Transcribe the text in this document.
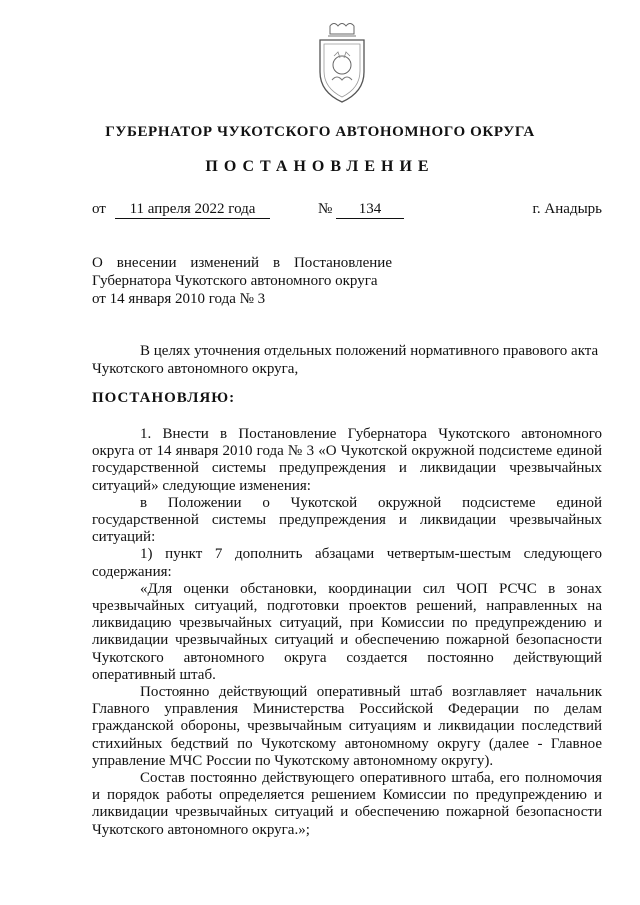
ГУБЕРНАТОР ЧУКОТСКОГО АВТОНОМНОГО ОКРУГА
ПОСТАНОВЛЕНИЕ
от	11 апреля 2022 года	№	134	г. Анадырь
О внесении изменений в Постановление
Губернатора Чукотского автономного округа
от 14 января 2010 года № 3
В целях уточнения отдельных положений нормативного правового акта Чукотского автономного округа,
ПОСТАНОВЛЯЮ:

1. Внести в Постановление Губернатора Чукотского автономного округа от 14 января 2010 года № 3 «О Чукотской окружной подсистеме единой государственной системы предупреждения и ликвидации чрезвычайных ситуаций» следующие изменения:

в Положении о Чукотской окружной подсистеме единой государственной системы предупреждения и ликвидации чрезвычайных ситуаций:

1) пункт 7 дополнить абзацами четвертым-шестым следующего содержания:

«Для оценки обстановки, координации сил ЧОП РСЧС в зонах чрезвычайных ситуаций, подготовки проектов решений, направленных на ликвидацию чрезвычайных ситуаций, при Комиссии по предупреждению и ликвидации чрезвычайных ситуаций и обеспечению пожарной безопасности Чукотского автономного округа создается постоянно действующий оперативный штаб.

Постоянно действующий оперативный штаб возглавляет начальник Главного управления Министерства Российской Федерации по делам гражданской обороны, чрезвычайным ситуациям и ликвидации последствий стихийных бедствий по Чукотскому автономному округу (далее - Главное управление МЧС России по Чукотскому автономному округу).

Состав постоянно действующего оперативного штаба, его полномочия и порядок работы определяется решением Комиссии по предупреждению и ликвидации чрезвычайных ситуаций и обеспечению пожарной безопасности Чукотского автономного округа.»;
